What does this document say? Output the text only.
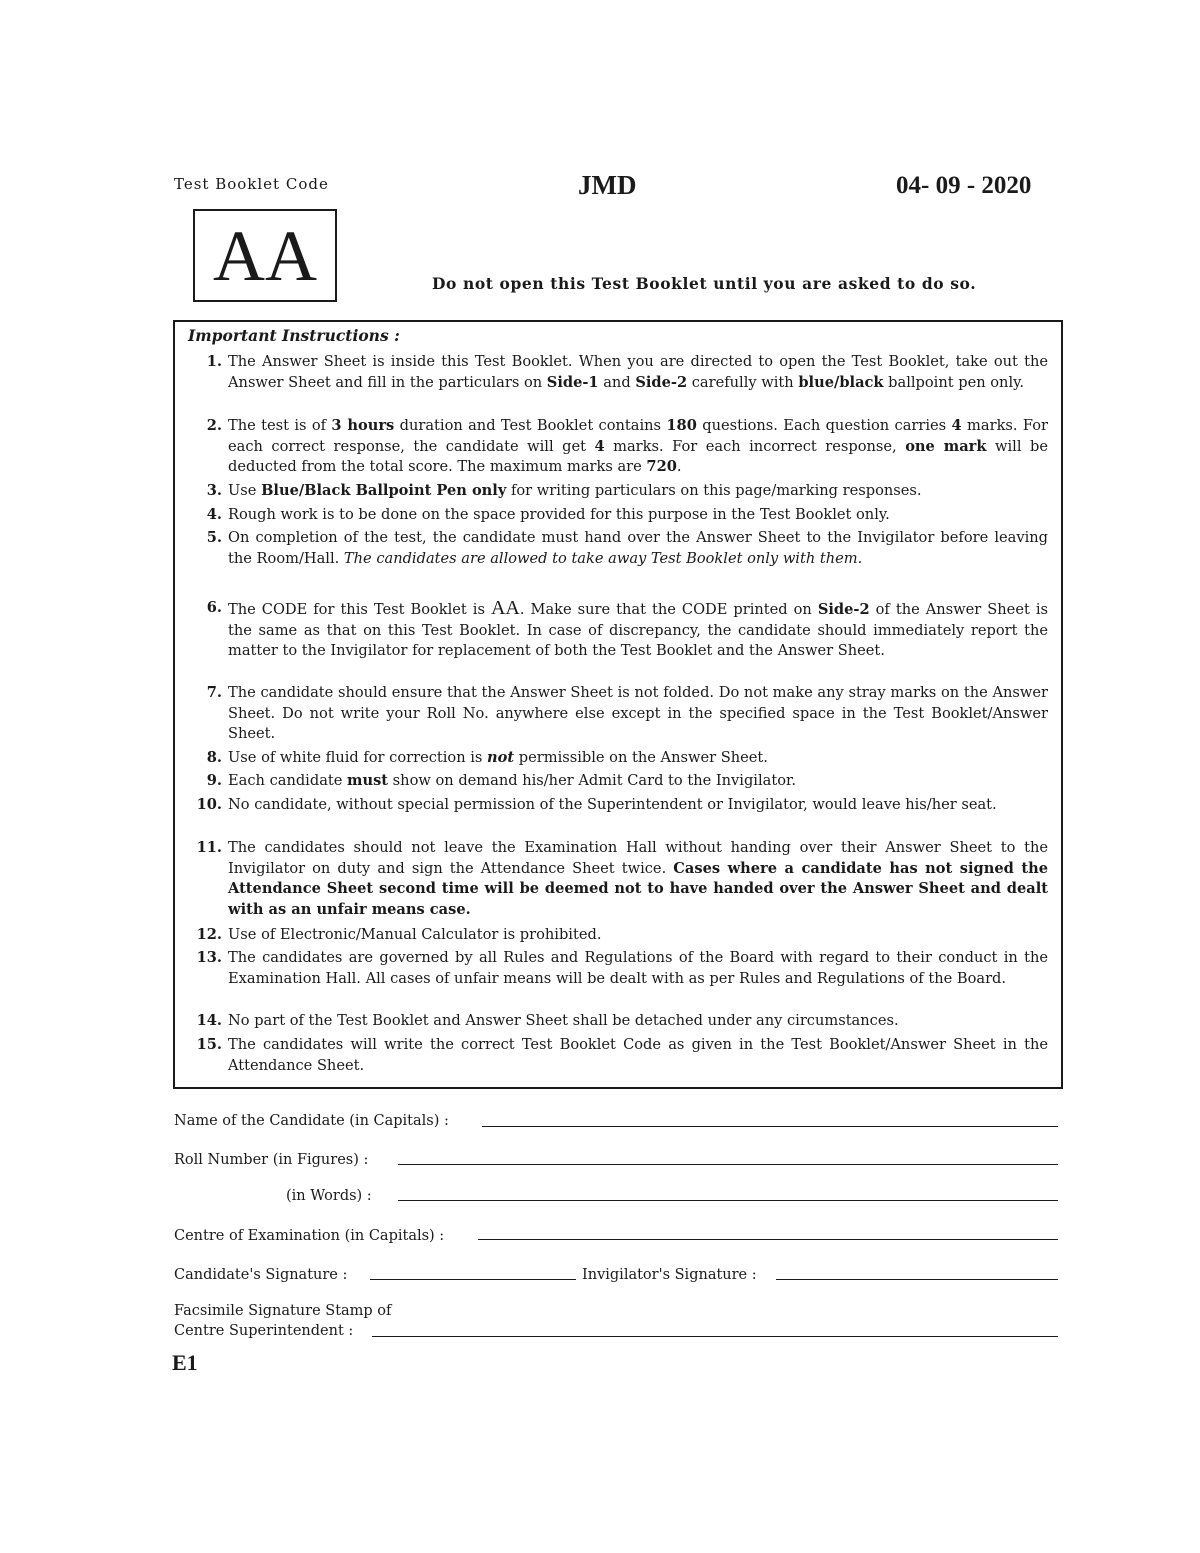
Test Booklet Code	JMD	04- 09 - 2020
AA	Do not open this Test Booklet until you are asked to do so.
Important Instructions :
1. The Answer Sheet is inside this Test Booklet. When you are directed to open the Test Booklet, take out the Answer Sheet and fill in the particulars on Side-1 and Side-2 carefully with blue/black ballpoint pen only.
2. The test is of 3 hours duration and Test Booklet contains 180 questions. Each question carries 4 marks. For each correct response, the candidate will get 4 marks. For each incorrect response, one mark will be deducted from the total score. The maximum marks are 720.
3. Use Blue/Black Ballpoint Pen only for writing particulars on this page/marking responses.
4. Rough work is to be done on the space provided for this purpose in the Test Booklet only.
5. On completion of the test, the candidate must hand over the Answer Sheet to the Invigilator before leaving the Room/Hall. The candidates are allowed to take away Test Booklet only with them.
6. The CODE for this Test Booklet is AA. Make sure that the CODE printed on Side-2 of the Answer Sheet is the same as that on this Test Booklet. In case of discrepancy, the candidate should immediately report the matter to the Invigilator for replacement of both the Test Booklet and the Answer Sheet.
7. The candidate should ensure that the Answer Sheet is not folded. Do not make any stray marks on the Answer Sheet. Do not write your Roll No. anywhere else except in the specified space in the Test Booklet/Answer Sheet.
8. Use of white fluid for correction is not permissible on the Answer Sheet.
9. Each candidate must show on demand his/her Admit Card to the Invigilator.
10. No candidate, without special permission of the Superintendent or Invigilator, would leave his/her seat.
11. The candidates should not leave the Examination Hall without handing over their Answer Sheet to the Invigilator on duty and sign the Attendance Sheet twice. Cases where a candidate has not signed the Attendance Sheet second time will be deemed not to have handed over the Answer Sheet and dealt with as an unfair means case.
12. Use of Electronic/Manual Calculator is prohibited.
13. The candidates are governed by all Rules and Regulations of the Board with regard to their conduct in the Examination Hall. All cases of unfair means will be dealt with as per Rules and Regulations of the Board.
14. No part of the Test Booklet and Answer Sheet shall be detached under any circumstances.
15. The candidates will write the correct Test Booklet Code as given in the Test Booklet/Answer Sheet in the Attendance Sheet.
Name of the Candidate (in Capitals) :
Roll Number (in Figures) :
(in Words) :
Centre of Examination (in Capitals) :
Candidate's Signature :	Invigilator's Signature :
Facsimile Signature Stamp of
Centre Superintendent :
E1
